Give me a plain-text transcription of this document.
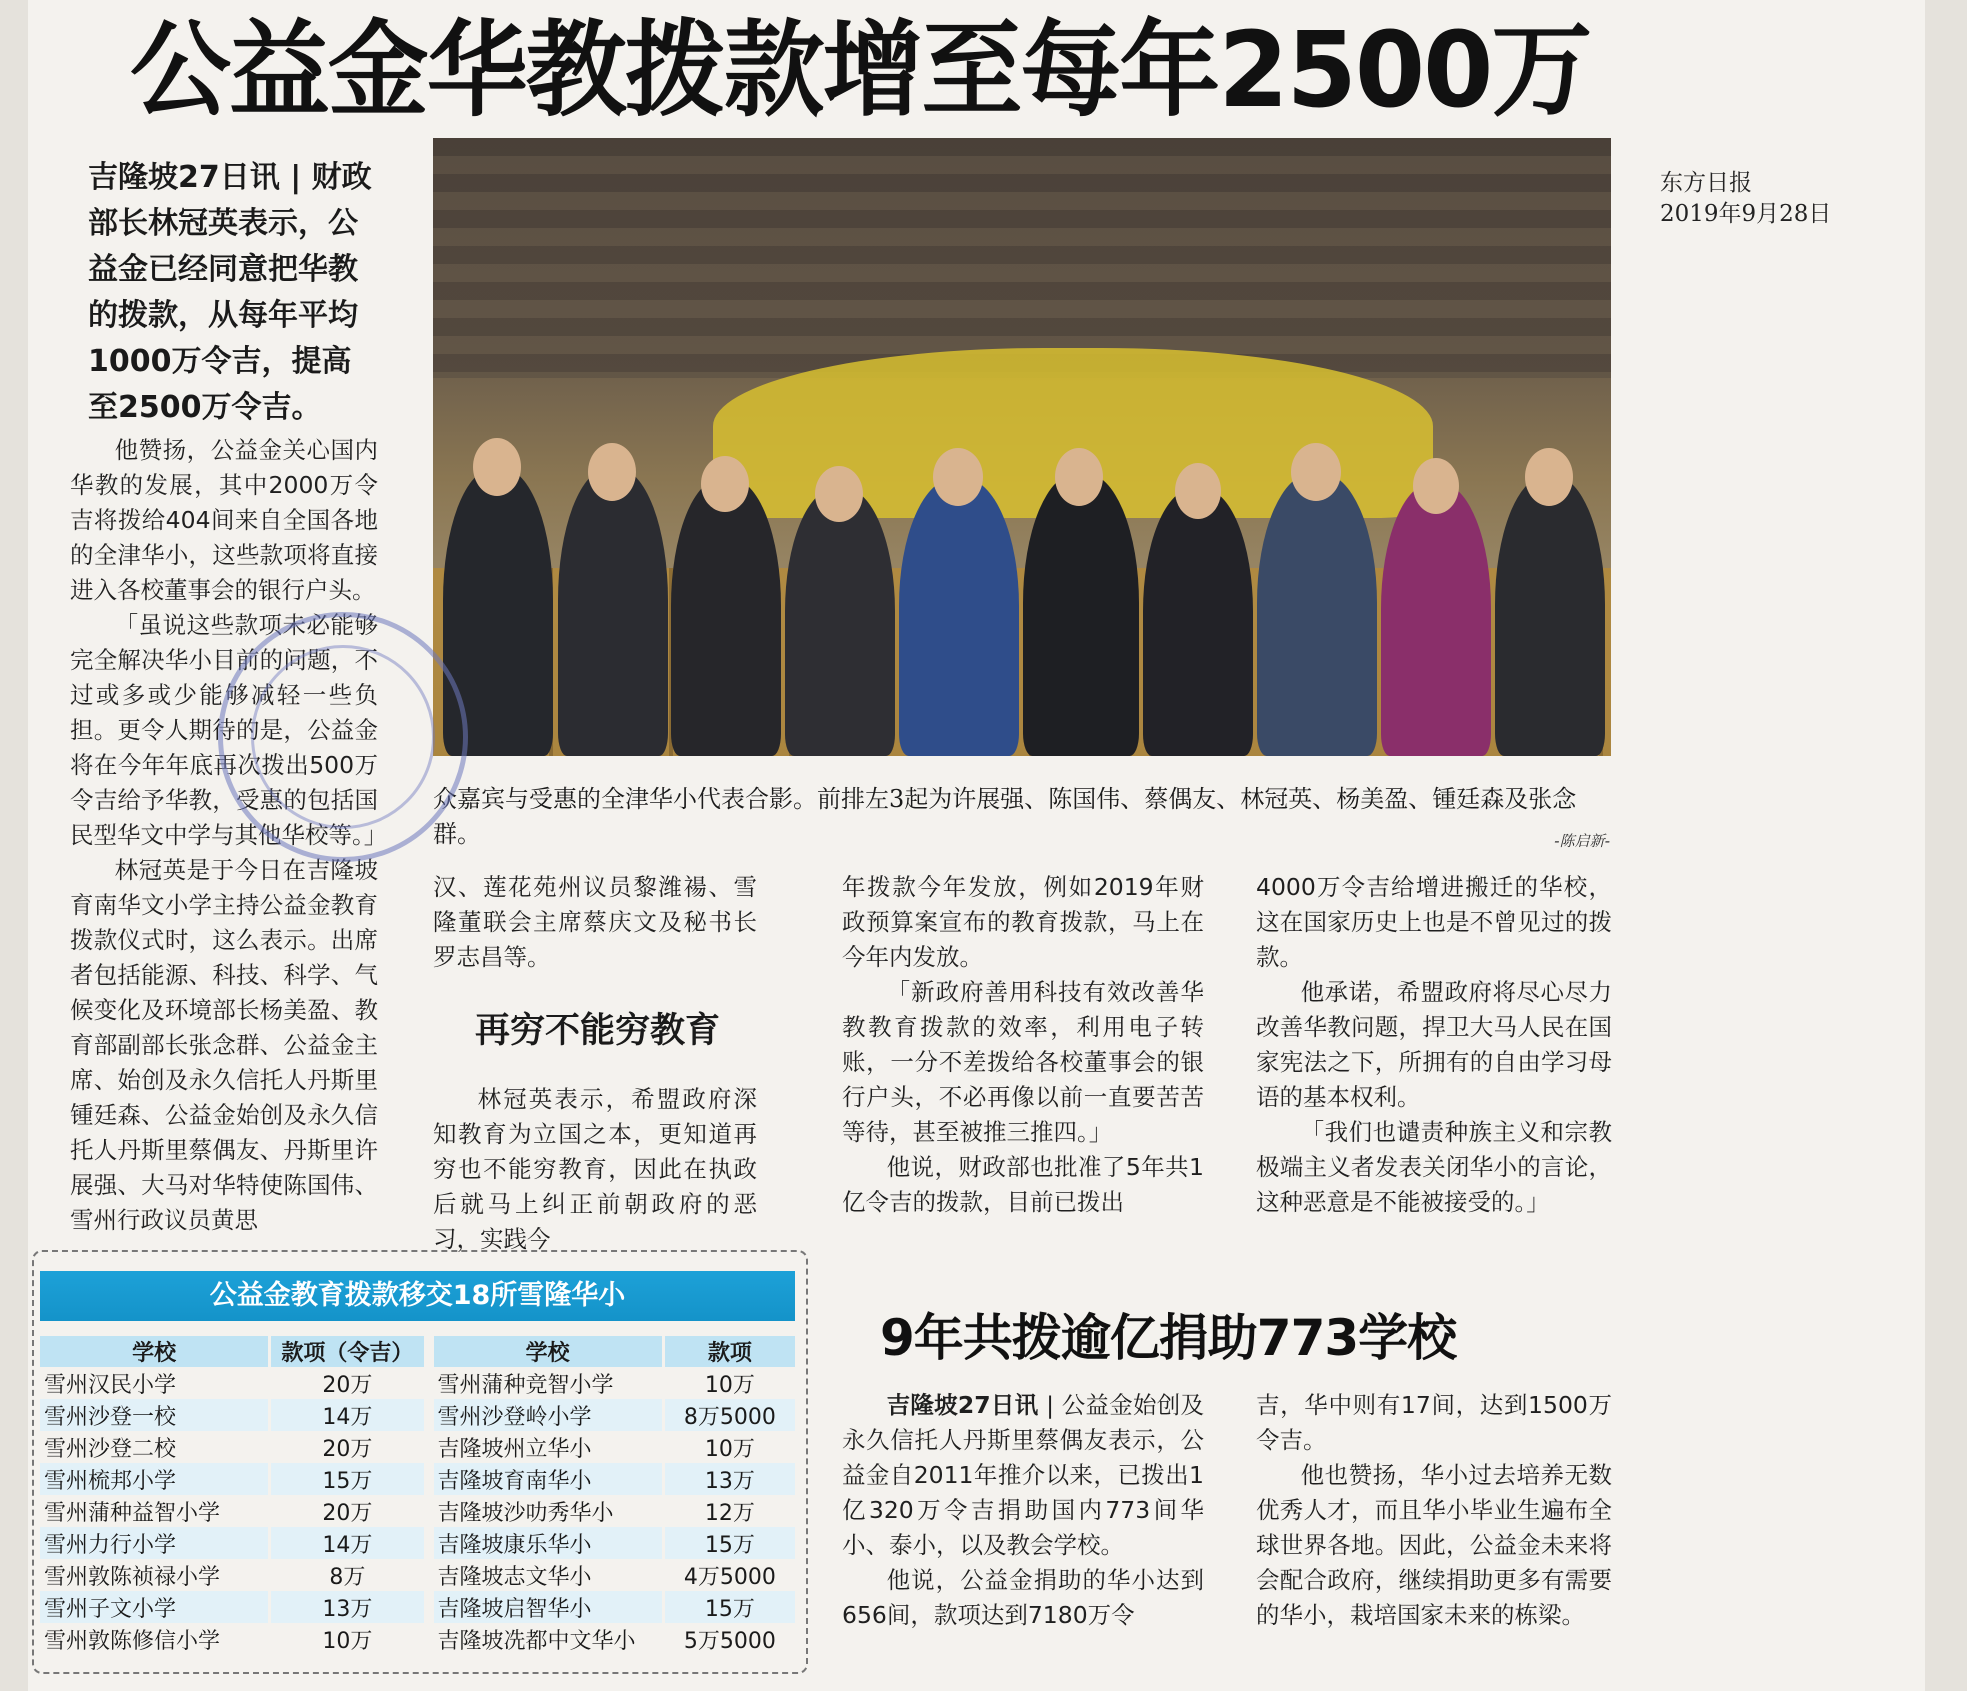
公益金华教拨款增至每年2500万
东方日报
2019年9月28日
吉隆坡27日讯 | 财政部长林冠英表示，公益金已经同意把华教的拨款，从每年平均1000万令吉，提高至2500万令吉。

他赞扬，公益金关心国内华教的发展，其中2000万令吉将拨给404间来自全国各地的全津华小，这些款项将直接进入各校董事会的银行户头。

「虽说这些款项未必能够完全解决华小目前的问题，不过或多或少能够减轻一些负担。更令人期待的是，公益金将在今年年底再次拨出500万令吉给予华教，受惠的包括国民型华文中学与其他华校等。」

林冠英是于今日在吉隆坡育南华文小学主持公益金教育拨款仪式时，这么表示。出席者包括能源、科技、科学、气候变化及环境部长杨美盈、教育部副部长张念群、公益金主席、始创及永久信托人丹斯里锺廷森、公益金始创及永久信托人丹斯里蔡偶友、丹斯里许展强、大马对华特使陈国伟、雪州行政议员黄思

众嘉宾与受惠的全津华小代表合影。前排左3起为许展强、陈国伟、蔡偶友、林冠英、杨美盈、锺廷森及张念群。	-陈启新-

汉、莲花苑州议员黎潍禓、雪隆董联会主席蔡庆文及秘书长罗志昌等。

再穷不能穷教育

林冠英表示，希盟政府深知教育为立国之本，更知道再穷也不能穷教育，因此在执政后就马上纠正前朝政府的恶习，实践今

年拨款今年发放，例如2019年财政预算案宣布的教育拨款，马上在今年内发放。

「新政府善用科技有效改善华教教育拨款的效率，利用电子转账，一分不差拨给各校董事会的银行户头，不必再像以前一直要苦苦等待，甚至被推三推四。」

他说，财政部也批准了5年共1亿令吉的拨款，目前已拨出

4000万令吉给增进搬迁的华校，这在国家历史上也是不曾见过的拨款。

他承诺，希盟政府将尽心尽力改善华教问题，捍卫大马人民在国家宪法之下，所拥有的自由学习母语的基本权利。

「我们也谴责种族主义和宗教极端主义者发表关闭华小的言论，这种恶意是不能被接受的。」

9年共拨逾亿捐助773学校

吉隆坡27日讯 | 公益金始创及永久信托人丹斯里蔡偶友表示，公益金自2011年推介以来，已拨出1亿320万令吉捐助国内773间华小、泰小，以及教会学校。

他说，公益金捐助的华小达到656间，款项达到7180万令

吉，华中则有17间，达到1500万令吉。

他也赞扬，华小过去培养无数优秀人才，而且华小毕业生遍布全球世界各地。因此，公益金未来将会配合政府，继续捐助更多有需要的华小，栽培国家未来的栋梁。

公益金教育拨款移交18所雪隆华小
学校	款项（令吉）	学校	款项
雪州汉民小学	20万	雪州蒲种竞智小学	10万
雪州沙登一校	14万	雪州沙登岭小学	8万5000
雪州沙登二校	20万	吉隆坡州立华小	10万
雪州梳邦小学	15万	吉隆坡育南华小	13万
雪州蒲种益智小学	20万	吉隆坡沙叻秀华小	12万
雪州力行小学	14万	吉隆坡康乐华小	15万
雪州敦陈祯禄小学	8万	吉隆坡志文华小	4万5000
雪州子文小学	13万	吉隆坡启智华小	15万
雪州敦陈修信小学	10万	吉隆坡冼都中文华小	5万5000
